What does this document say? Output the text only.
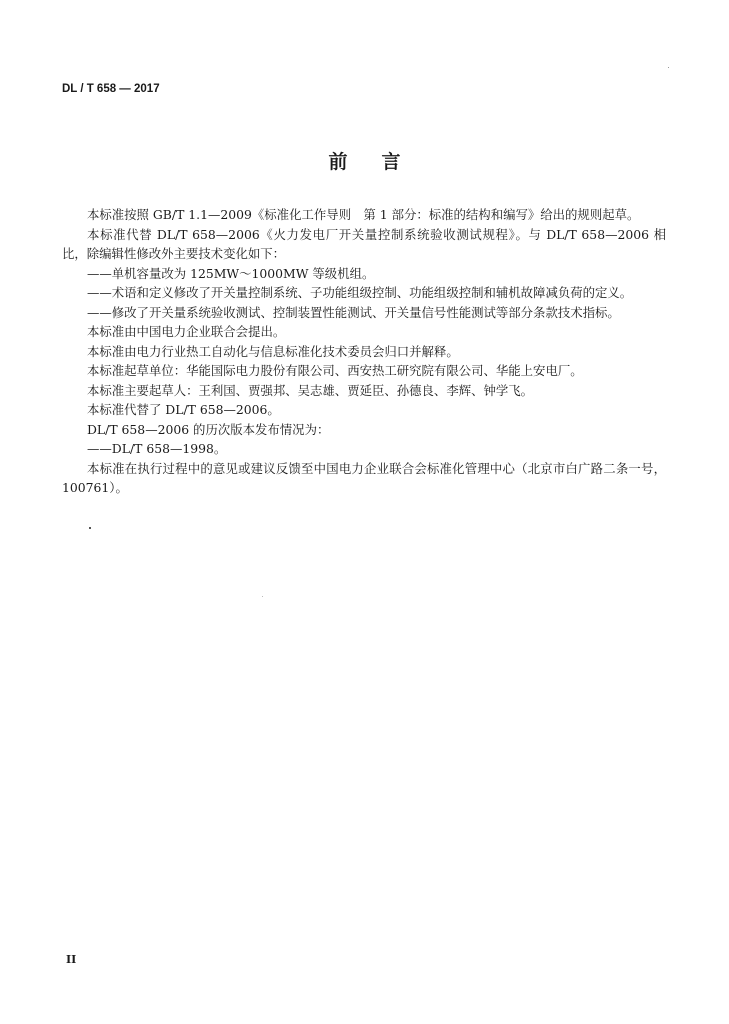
DL / T 658 — 2017
前言

本标准按照 GB/T 1.1—2009《标准化工作导则　第 1 部分：标准的结构和编写》给出的规则起草。

本标准代替 DL/T 658—2006《火力发电厂开关量控制系统验收测试规程》。与 DL/T 658—2006 相比，除编辑性修改外主要技术变化如下：

——单机容量改为 125MW～1000MW 等级机组。

——术语和定义修改了开关量控制系统、子功能组级控制、功能组级控制和辅机故障减负荷的定义。

——修改了开关量系统验收测试、控制装置性能测试、开关量信号性能测试等部分条款技术指标。

本标准由中国电力企业联合会提出。

本标准由电力行业热工自动化与信息标准化技术委员会归口并解释。

本标准起草单位：华能国际电力股份有限公司、西安热工研究院有限公司、华能上安电厂。

本标准主要起草人：王利国、贾强邦、吴志雄、贾延臣、孙德良、李辉、钟学飞。

本标准代替了 DL/T 658—2006。

DL/T 658—2006 的历次版本发布情况为：

——DL/T 658—1998。

本标准在执行过程中的意见或建议反馈至中国电力企业联合会标准化管理中心（北京市白广路二条一号，100761）。

II
